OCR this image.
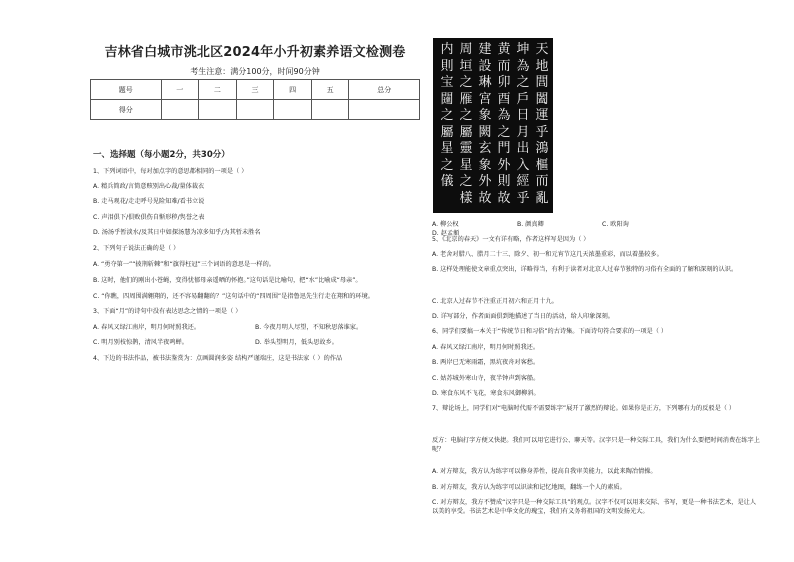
吉林省白城市洮北区2024年小升初素养语文检测卷
考生注意：满分100分，时间90分钟
题号	一	二	三	四	五	总分
得分						
一、选择题（每小题2分，共30分）
1、下列词语中，每对加点字的意思都相同的一项是（ ）
A. 精兵简政/言简意赅别出心裁/量体裁衣
B. 走马观花/走走呼号见险知难/看书立说
C. 声泪俱下/俱败俱伤自惭形秽/隽誉之表
D. 汤汤乎暂淡水/及其日中如探汤慧为凉多知乎/为其暂未胜名
2、下列句子说法正确的是（ ）
A. “勇夺第一”“披荆斩棘”和“旗得枉冠”三个词语的意思是一样的。
B. 这时，他们的刚出小苍蝇，变得忧郁母亲遥晒的怀抱。”这句话是比喻句，把“水”比喻成“母亲”。
C. “你瞧，四周围满翱翔的，还不容易翻翻的？”这句话中的“四周围”是指鲁迅先生行走在翔和的环境。
3、下面“月”的诗句中没有表达思念之情的一项是（ ）
A. 春风又绿江南岸，明月何时照我还。	B. 今夜月明人尽望，不知秋思落谁家。
C. 明月别枝惊鹊，清风半夜鸣蝉。	D. 举头望明月，低头思故乡。
4、下边的书法作品，被书法鉴赏为：点画圆润多姿 结构严谨端庄，这是书法家（ ）的作品
天
地
閭
闔
運
乎
鴻
樞
而
亂
坤
為
之
戶
日
月
出
入
經
乎
黄
而
卯
酉
為
之
門
外
則
故
建
設
琳
宮
象
闕
玄
象
外
故
周
垣
之
雁
之
屬
靈
星
之
樣
内
則
宝
闥
之
屬
星
之
儀
A. 柳公权	B. 颜真卿	C. 欧阳询D. 赵孟頫
5、《北京的春天》一文有详有略，作者这样写是因为（ ）
A. 老舍对腊八、腊月二十三、除夕、初一和元宵节这几天浓墨重彩，而以着墨较多。
B. 这样处理能使文章重点突出，详略得当，有利于读者对北京人过春节独特的习俗有全面的了解和深刻的认识。
C. 北京人过春节不注重正月初六和正月十九。
D. 详写部分，作者面面俱到地描述了当日的活动，给人印象深刻。
6、同学们要搞一本关于“传统节日和习俗”的古诗集。下面诗句符合要求的一项是（ ）
A. 春风又绿江南岸，明月何时照我还。
B. 两岸已无寒雨霜，黑坑夜舟对客愁。
C. 姑苏城外寒山寺，夜半钟声到客船。
D. 寒食东风不飞花，寒食东风御柳斜。
7、辩论场上，同学们对“电脑时代需不需要练字”展开了激烈的辩论。如果你是正方，下列哪有力的反驳是（ ）
反方：电脑打字方便又快捷。我们可以用它进行公、聊天等。汉字只是一种交际工具，我们为什么要把时间消费在练字上呢？
A. 对方辩友，我方认为练字可以修身养性，提高自我审美能力，以此来陶冶情操。
B. 对方辩友，我方认为练字可以识读和记忆地图，翻练一个人的素质。
C. 对方辩友，我方不赞成“汉字只是一种交际工具”的观点。汉字不仅可以用来交际、书写，更是一种书法艺术，是让人以美的享受。书法艺术是中华文化的瑰宝，我们有义务将祖国的文明发扬光大。
